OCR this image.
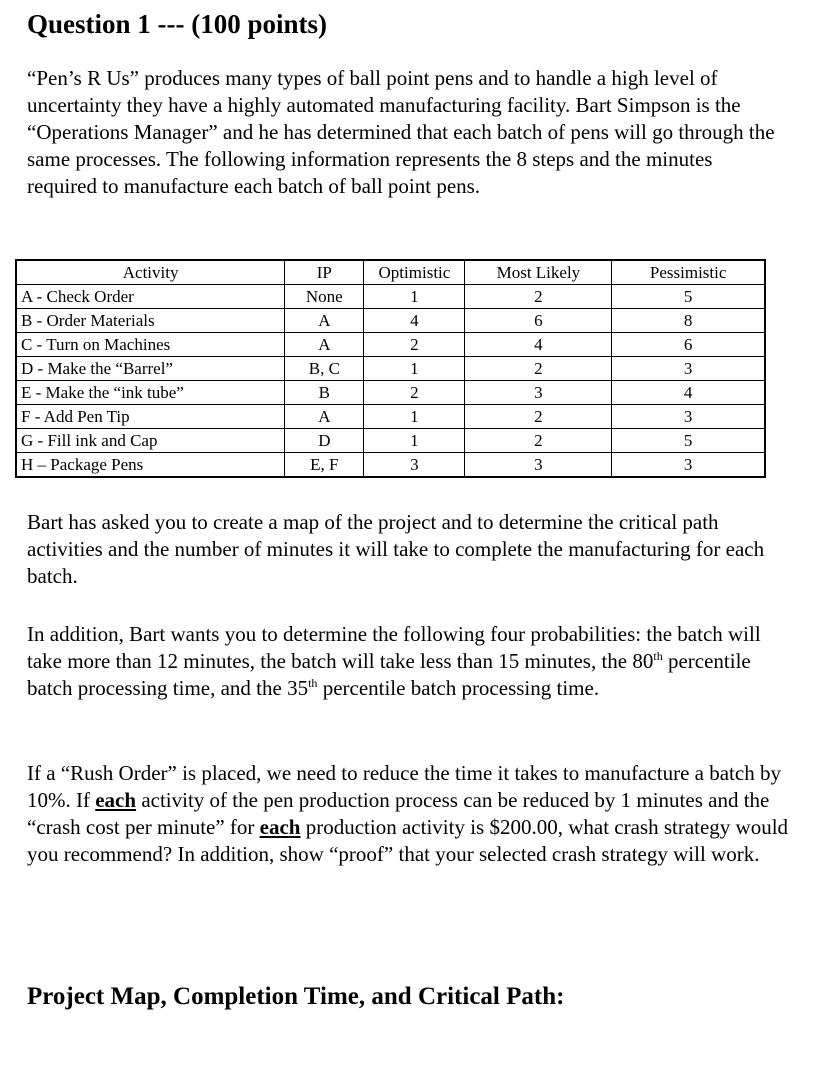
Question 1 --- (100 points)

“Pen’s R Us” produces many types of ball point pens and to handle a high level of uncertainty they have a highly automated manufacturing facility. Bart Simpson is the “Operations Manager” and he has determined that each batch of pens will go through the same processes. The following information represents the 8 steps and the minutes required to manufacture each batch of ball point pens.

Activity	IP	Optimistic	Most Likely	Pessimistic
A - Check Order	None	1	2	5
B - Order Materials	A	4	6	8
C - Turn on Machines	A	2	4	6
D - Make the “Barrel”	B, C	1	2	3
E - Make the “ink tube”	B	2	3	4
F - Add Pen Tip	A	1	2	3
G - Fill ink and Cap	D	1	2	5
H – Package Pens	E, F	3	3	3

Bart has asked you to create a map of the project and to determine the critical path activities and the number of minutes it will take to complete the manufacturing for each batch.

In addition, Bart wants you to determine the following four probabilities: the batch will take more than 12 minutes, the batch will take less than 15 minutes, the 80th percentile batch processing time, and the 35th percentile batch processing time.

If a “Rush Order” is placed, we need to reduce the time it takes to manufacture a batch by 10%. If each activity of the pen production process can be reduced by 1 minutes and the “crash cost per minute” for each production activity is $200.00, what crash strategy would you recommend? In addition, show “proof” that your selected crash strategy will work.

Project Map, Completion Time, and Critical Path:
